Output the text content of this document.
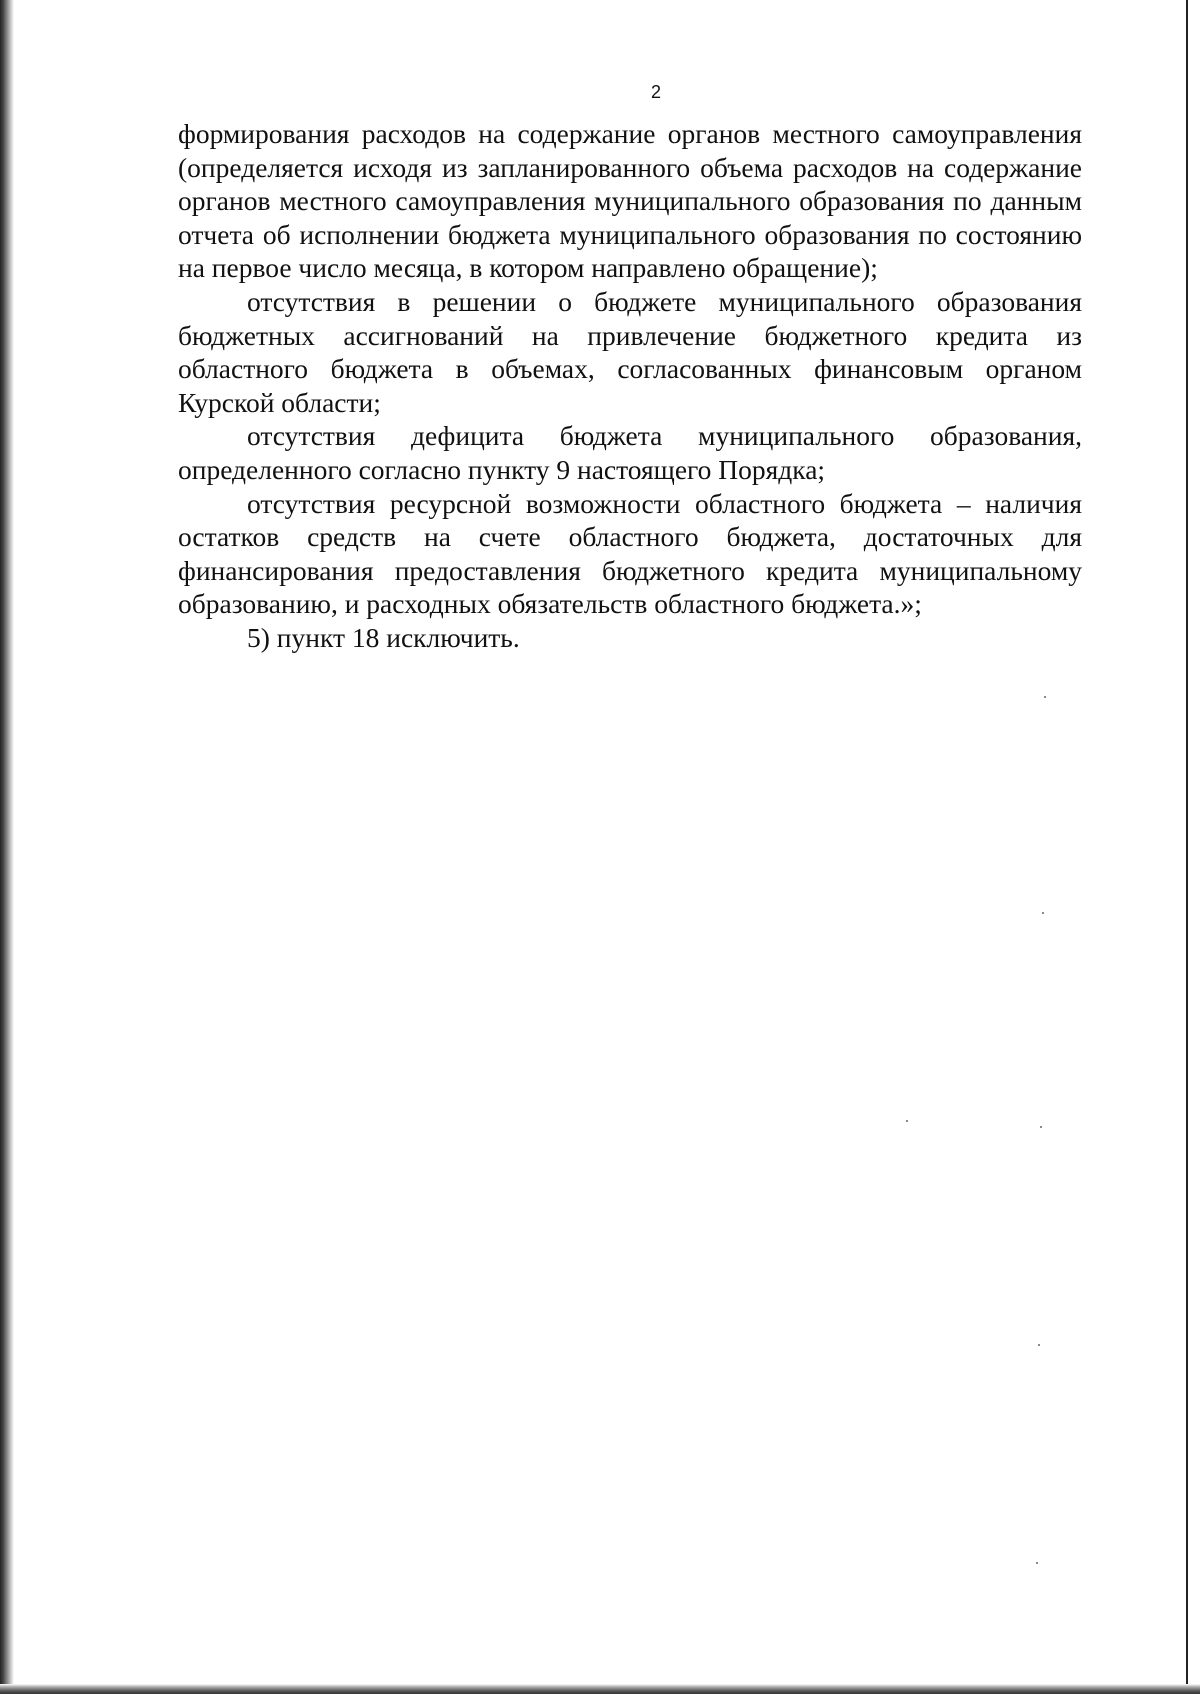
2

формирования расходов на содержание органов местного самоуправления (определяется исходя из запланированного объема расходов на содержание органов местного самоуправления муниципального образования по данным отчета об исполнении бюджета муниципального образования по состоянию на первое число месяца, в котором направлено обращение);

отсутствия в решении о бюджете муниципального образования бюджетных ассигнований на привлечение бюджетного кредита из областного бюджета в объемах, согласованных финансовым органом Курской области;

отсутствия дефицита бюджета муниципального образования, определенного согласно пункту 9 настоящего Порядка;

отсутствия ресурсной возможности областного бюджета – наличия остатков средств на счете областного бюджета, достаточных для финансирования предоставления бюджетного кредита муниципальному образованию, и расходных обязательств областного бюджета.»;

5) пункт 18 исключить.
